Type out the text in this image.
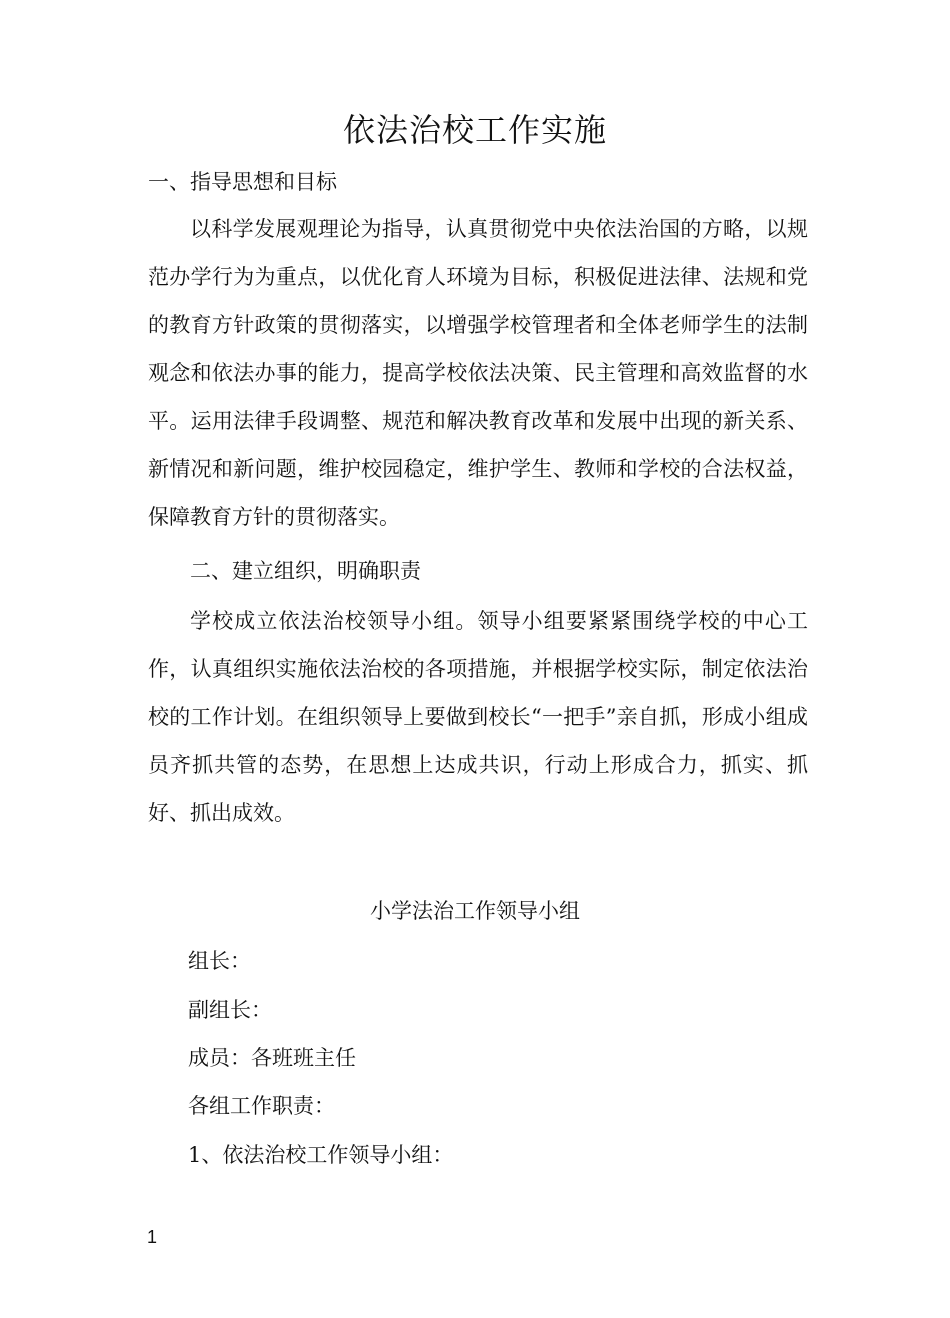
依法治校工作实施
一、指导思想和目标

以科学发展观理论为指导，认真贯彻党中央依法治国的方略，以规范办学行为为重点，以优化育人环境为目标，积极促进法律、法规和党的教育方针政策的贯彻落实，以增强学校管理者和全体老师学生的法制观念和依法办事的能力，提高学校依法决策、民主管理和高效监督的水平。运用法律手段调整、规范和解决教育改革和发展中出现的新关系、新情况和新问题，维护校园稳定，维护学生、教师和学校的合法权益，保障教育方针的贯彻落实。

二、建立组织，明确职责

学校成立依法治校领导小组。领导小组要紧紧围绕学校的中心工作，认真组织实施依法治校的各项措施，并根据学校实际，制定依法治校的工作计划。在组织领导上要做到校长“一把手”亲自抓，形成小组成员齐抓共管的态势，在思想上达成共识，行动上形成合力，抓实、抓好、抓出成效。

小学法治工作领导小组
组长：
副组长：
成员：各班班主任
各组工作职责：
1、依法治校工作领导小组：
1
